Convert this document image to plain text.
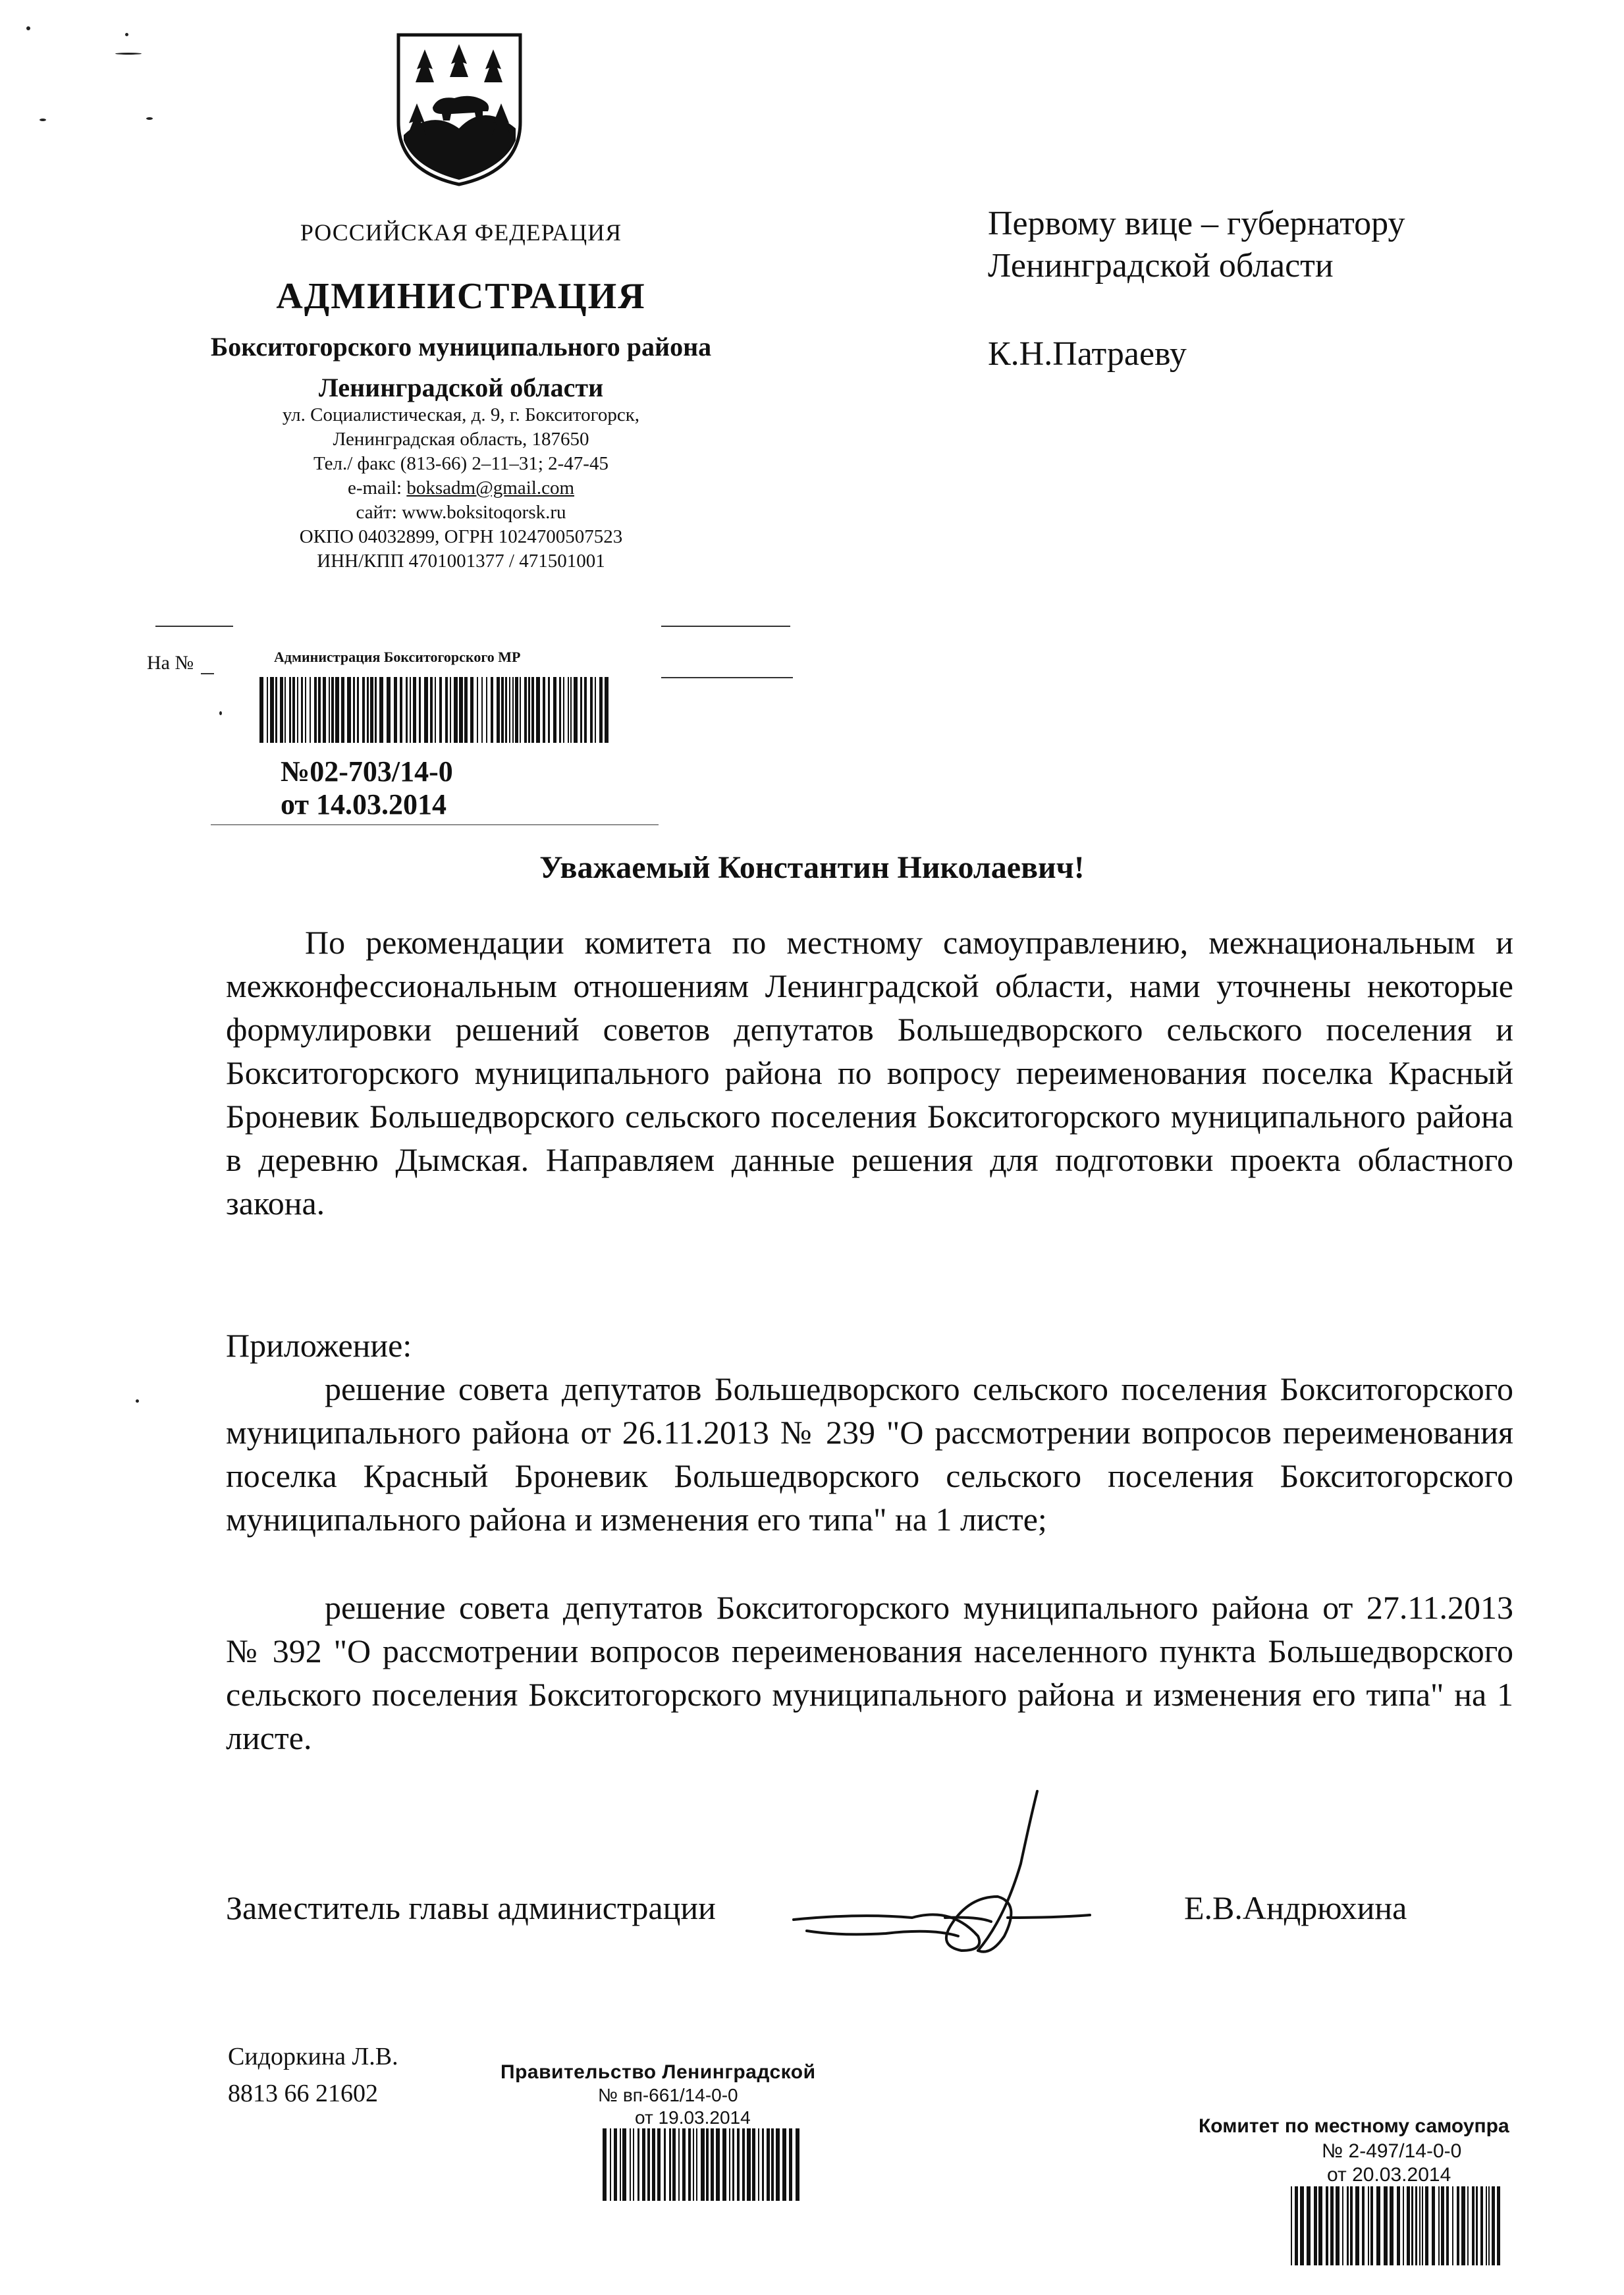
РОССИЙСКАЯ ФЕДЕРАЦИЯ
АДМИНИСТРАЦИЯ
Бокситогорского муниципального района
Ленинградской области
ул. Социалистическая, д. 9, г. Бокситогорск,
Ленинградская область, 187650
Тел./ факс (813-66) 2–11–31; 2-47-45
e-mail: boksadm@gmail.com
сайт: www.boksitoqorsk.ru
ОКПО 04032899, ОГРН 1024700507523
ИНН/КПП 4701001377 / 471501001
На №	Администрация Бокситогорского МР
№02-703/14-0
от 14.03.2014
Первому вице – губернатору
Ленинградской области
К.Н.Патраеву
Уважаемый Константин Николаевич!
По рекомендации комитета по местному самоуправлению, межнациональным и межконфессиональным отношениям Ленинградской области, нами уточнены некоторые формулировки решений советов депутатов Большедворского сельского поселения и Бокситогорского муниципального района по вопросу переименования поселка Красный Броневик Большедворского сельского поселения Бокситогорского муниципального района в деревню Дымская. Направляем данные решения для подготовки проекта областного закона.
Приложение:
решение совета депутатов Большедворского сельского поселения Бокситогорского муниципального района от 26.11.2013 № 239 "О рассмотрении вопросов переименования поселка Красный Броневик Большедворского сельского поселения Бокситогорского муниципального района и изменения его типа" на 1 листе;
решение совета депутатов Бокситогорского муниципального района от 27.11.2013 № 392 "О рассмотрении вопросов переименования населенного пункта Большедворского сельского поселения Бокситогорского муниципального района и изменения его типа" на 1 листе.
Заместитель главы администрации	Е.В.Андрюхина
Сидоркина Л.В.
8813 66 21602
Правительство Ленинградской
№ вп-661/14-0-0
от 19.03.2014	Комитет по местному самоупра
№ 2-497/14-0-0
от 20.03.2014
